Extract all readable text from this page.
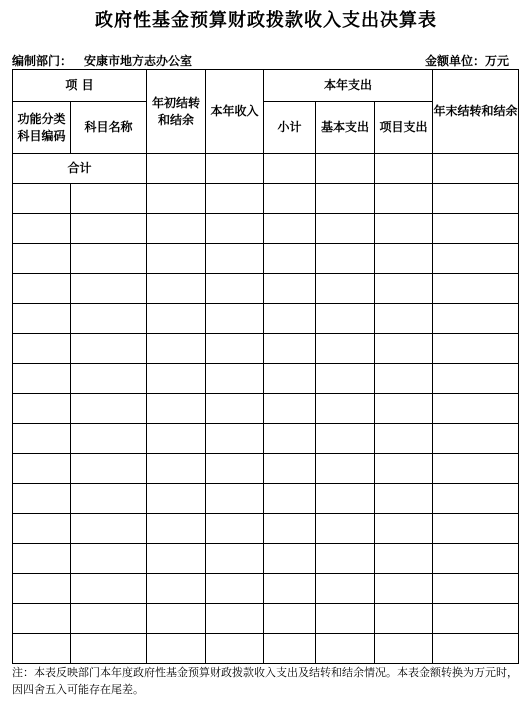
政府性基金预算财政拨款收入支出决算表
编制部门： 安康市地方志办公室	金额单位：万元
项 目		年初结转和结余	本年收入	本年支出			年末结转和结余
功能分类科目编码	科目名称			小计	基本支出	项目支出	
合计							

注：本表反映部门本年度政府性基金预算财政拨款收入支出及结转和结余情况。本表金额转换为万元时，因四舍五入可能存在尾差。
